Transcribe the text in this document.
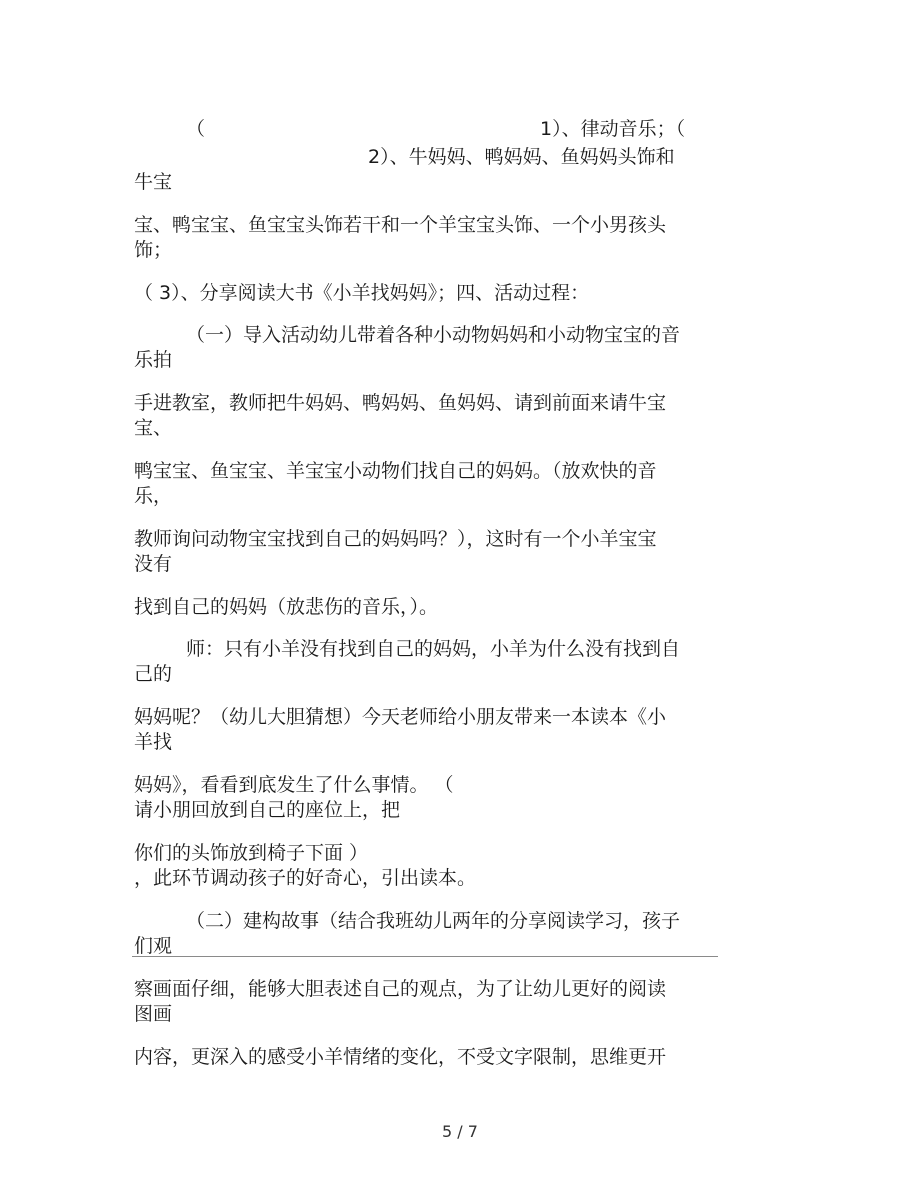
（	1）、律动音乐；（

2）、牛妈妈、鸭妈妈、鱼妈妈头饰和

牛宝

宝、鸭宝宝、鱼宝宝头饰若干和一个羊宝宝头饰、一个小男孩头

饰；

（ 3）、分享阅读大书《小羊找妈妈》；四、活动过程：

（一）导入活动幼儿带着各种小动物妈妈和小动物宝宝的音

乐拍

手进教室，教师把牛妈妈、鸭妈妈、鱼妈妈、请到前面来请牛宝

宝、

鸭宝宝、鱼宝宝、羊宝宝小动物们找自己的妈妈。（放欢快的音

乐，

教师询问动物宝宝找到自己的妈妈吗？），这时有一个小羊宝宝

没有

找到自己的妈妈（放悲伤的音乐，）。

师：只有小羊没有找到自己的妈妈，小羊为什么没有找到自

己的

妈妈呢？（幼儿大胆猜想）今天老师给小朋友带来一本读本《小

羊找

妈妈》，看看到底发生了什么事情。 （

请小朋回放到自己的座位上，把

你们的头饰放到椅子下面 ）

，此环节调动孩子的好奇心，引出读本。

（二）建构故事（结合我班幼儿两年的分享阅读学习，孩子

们观

察画面仔细，能够大胆表述自己的观点，为了让幼儿更好的阅读

图画

内容，更深入的感受小羊情绪的变化，不受文字限制，思维更开

5 / 7
